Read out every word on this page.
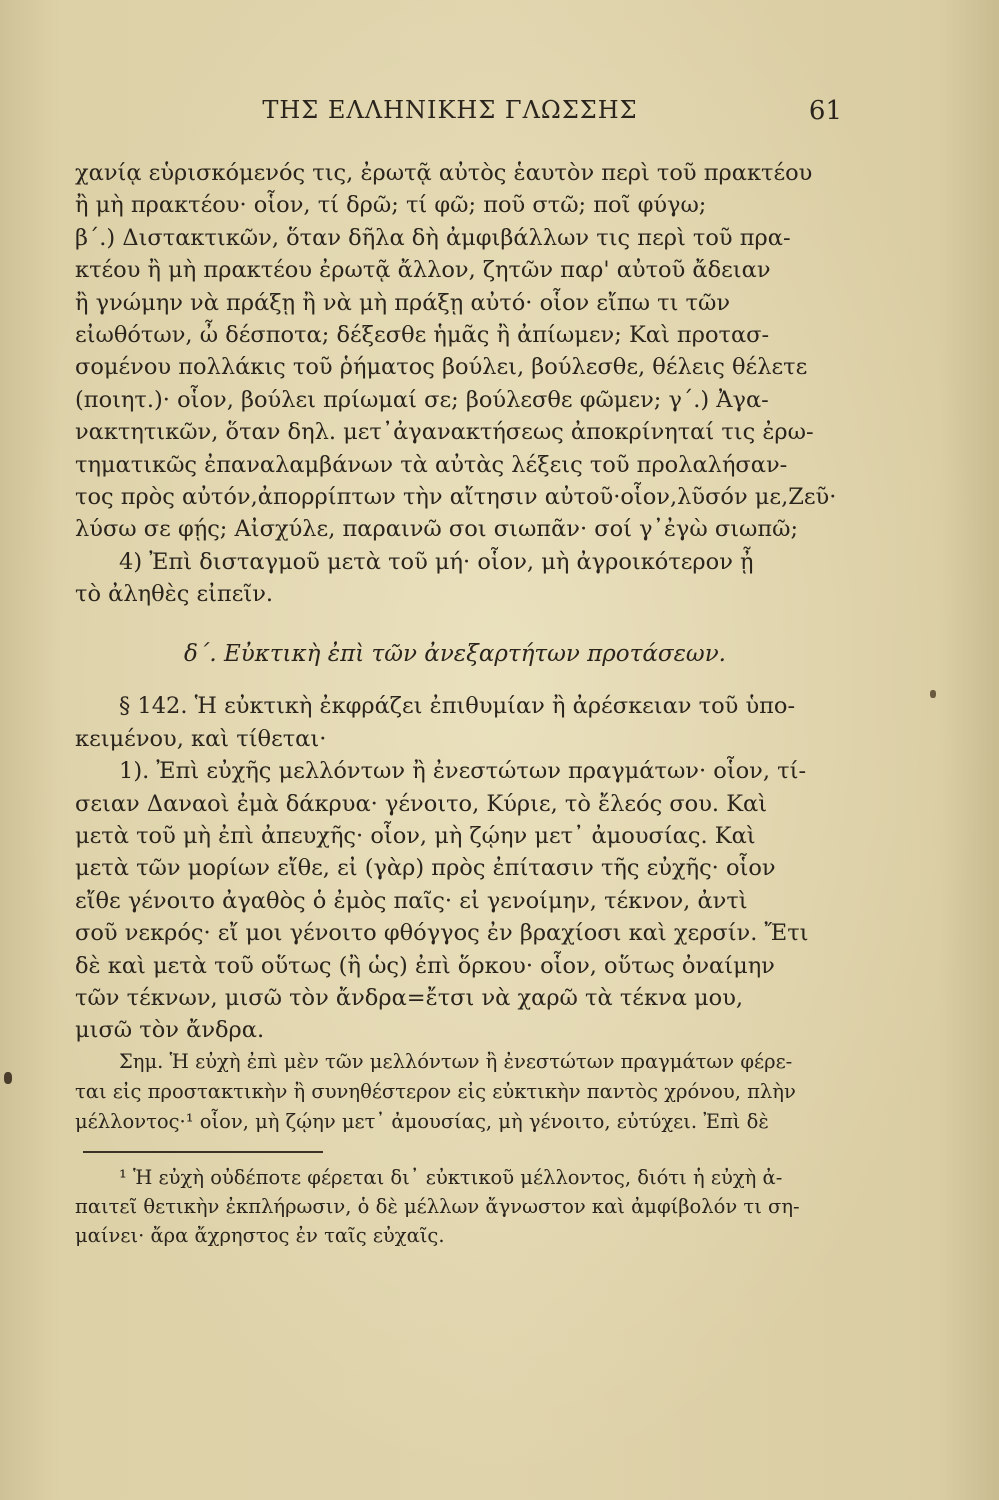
ΤΗΣ ΕΛΛΗΝΙΚΗΣ ΓΛΩΣΣΗΣ	61
χανίᾳ εὑρισκόμενός τις, ἐρωτᾷ αὐτὸς ἑαυτὸν περὶ τοῦ πρακτέου
ἢ μὴ πρακτέου· οἷον, τί δρῶ; τί φῶ; ποῦ στῶ; ποῖ φύγω;
β΄.) Διστακτικῶν, ὅταν δῆλα δὴ ἀμφιβάλλων τις περὶ τοῦ πρα-
κτέου ἢ μὴ πρακτέου ἐρωτᾷ ἄλλον, ζητῶν παρ' αὐτοῦ ἄδειαν
ἢ γνώμην νὰ πράξῃ ἢ νὰ μὴ πράξῃ αὐτό· οἷον εἴπω τι τῶν
εἰωθότων, ὦ δέσποτα; δέξεσθε ἡμᾶς ἢ ἀπίωμεν; Καὶ προτασ-
σομένου πολλάκις τοῦ ῥήματος βούλει, βούλεσθε, θέλεις θέλετε
(ποιητ.)· οἷον, βούλει πρίωμαί σε; βούλεσθε φῶμεν; γ΄.) Ἀγα-
νακτητικῶν, ὅταν δηλ. μετ᾽ἀγανακτήσεως ἀποκρίνηταί τις ἐρω-
τηματικῶς ἐπαναλαμβάνων τὰ αὐτὰς λέξεις τοῦ προλαλήσαν-
τος πρὸς αὐτόν,ἀπορρίπτων τὴν αἴτησιν αὐτοῦ·οἷον,λῦσόν με,Ζεῦ·
λύσω σε φῄς; Αἰσχύλε, παραινῶ σοι σιωπᾶν· σοί γ᾽ἐγὼ σιωπῶ;
4) Ἐπὶ δισταγμοῦ μετὰ τοῦ μή· οἷον, μὴ ἀγροικότερον ᾖ
τὸ ἀληθὲς εἰπεῖν.
δ΄. Εὐκτικὴ ἐπὶ τῶν ἀνεξαρτήτων προτάσεων.
§ 142. Ἡ εὐκτικὴ ἐκφράζει ἐπιθυμίαν ἢ ἀρέσκειαν τοῦ ὑπο-
κειμένου, καὶ τίθεται·
1). Ἐπὶ εὐχῆς μελλόντων ἢ ἐνεστώτων πραγμάτων· οἷον, τί-
σειαν Δαναοὶ ἐμὰ δάκρυα· γένοιτο, Κύριε, τὸ ἔλεός σου. Καὶ
μετὰ τοῦ μὴ ἐπὶ ἀπευχῆς· οἷον, μὴ ζῴην μετ᾽ ἀμουσίας. Καὶ
μετὰ τῶν μορίων εἴθε, εἰ (γὰρ) πρὸς ἐπίτασιν τῆς εὐχῆς· οἷον
εἴθε γένοιτο ἀγαθὸς ὁ ἐμὸς παῖς· εἰ γενοίμην, τέκνον, ἀντὶ
σοῦ νεκρός· εἴ μοι γένοιτο φθόγγος ἐν βραχίοσι καὶ χερσίν. Ἔτι
δὲ καὶ μετὰ τοῦ οὕτως (ἢ ὡς) ἐπὶ ὅρκου· οἷον, οὕτως ὀναίμην
τῶν τέκνων, μισῶ τὸν ἄνδρα=ἔτσι νὰ χαρῶ τὰ τέκνα μου,
μισῶ τὸν ἄνδρα.
Σημ. Ἡ εὐχὴ ἐπὶ μὲν τῶν μελλόντων ἢ ἐνεστώτων πραγμάτων φέρε-
ται εἰς προστακτικὴν ἢ συνηθέστερον εἰς εὐκτικὴν παντὸς χρόνου, πλὴν
μέλλοντος·¹ οἷον, μὴ ζῴην μετ᾽ ἀμουσίας, μὴ γένοιτο, εὐτύχει. Ἐπὶ δὲ
¹ Ἡ εὐχὴ οὐδέποτε φέρεται δι᾽ εὐκτικοῦ μέλλοντος, διότι ἡ εὐχὴ ἀ-
παιτεῖ θετικὴν ἐκπλήρωσιν, ὁ δὲ μέλλων ἄγνωστον καὶ ἀμφίβολόν τι ση-
μαίνει· ἄρα ἄχρηστος ἐν ταῖς εὐχαῖς.
